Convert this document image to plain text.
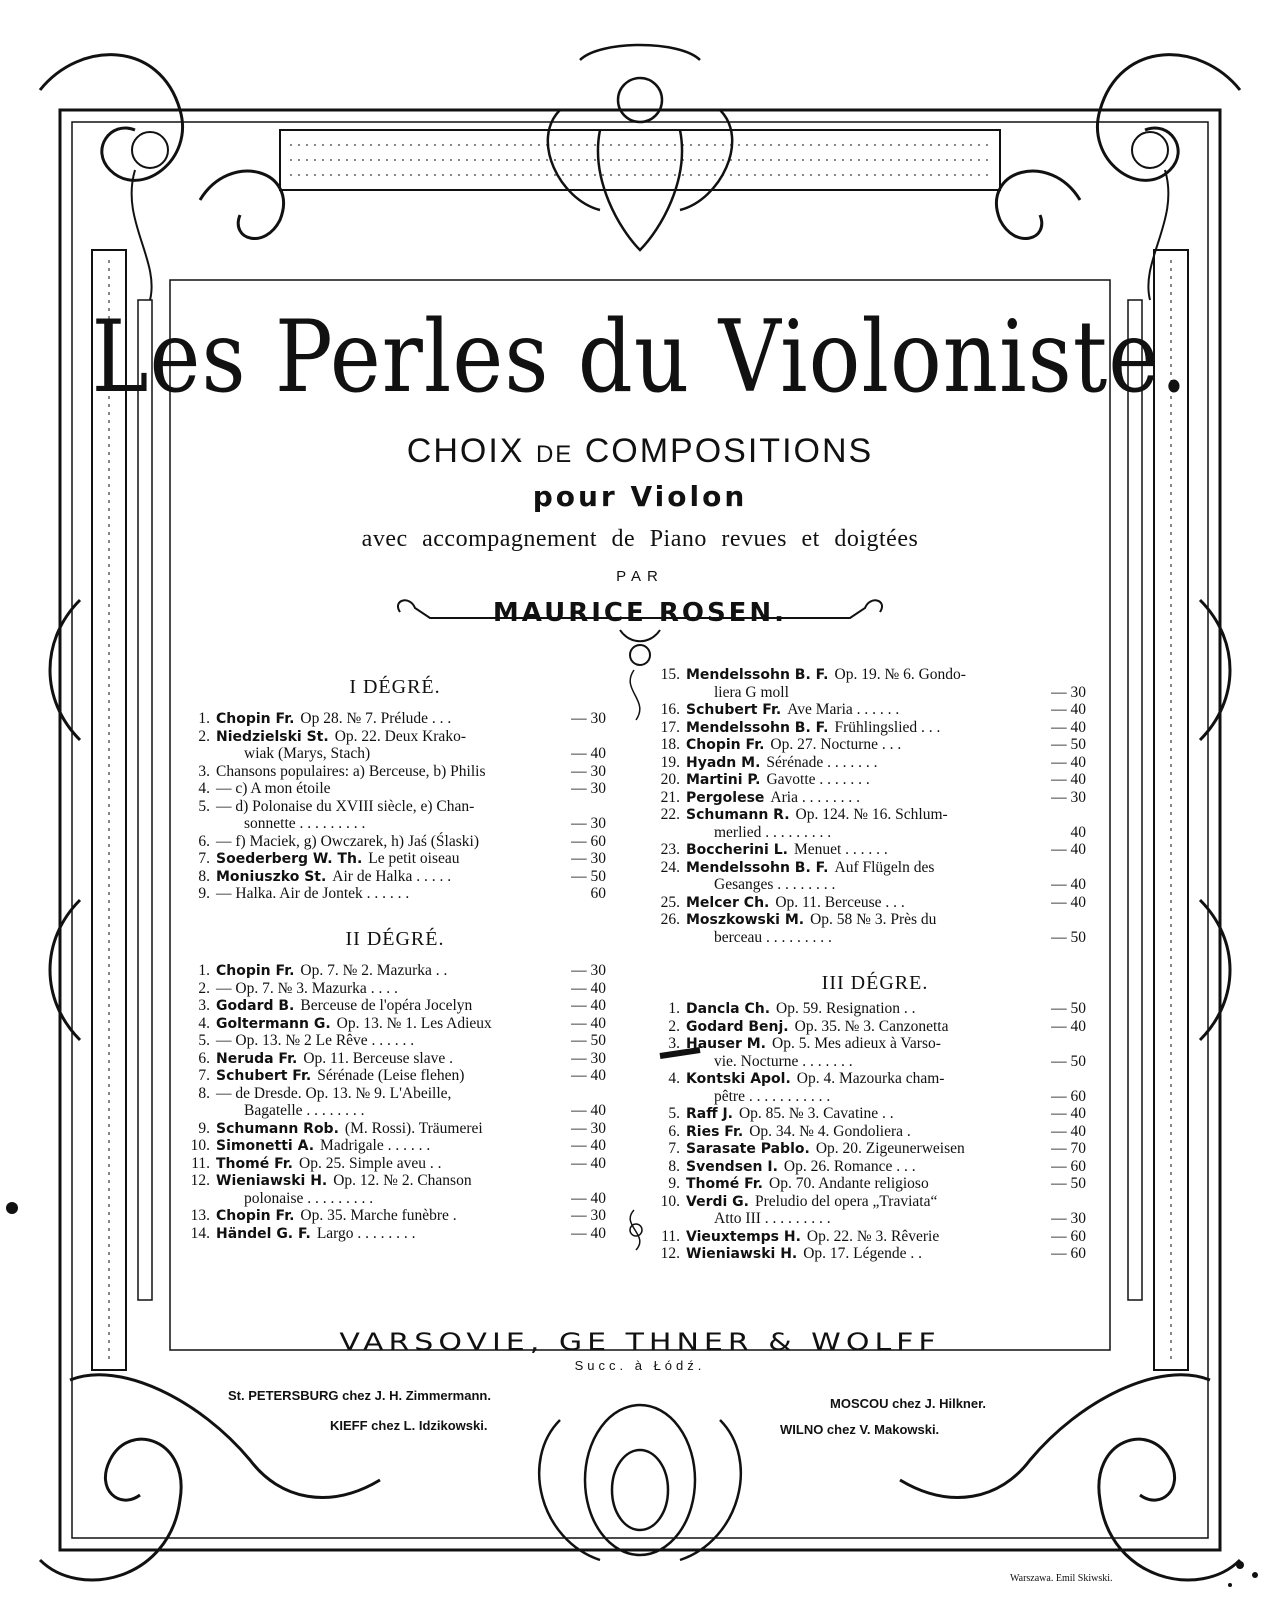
Les Perles du Violoniste.
CHOIX DE COMPOSITIONS
pour Violon
avec accompagnement de Piano revues et doigtées
PAR
MAURICE ROSEN.
I DÉGRÉ.
II DÉGRÉ.
III DÉGRE.
1. Chopin Fr. Op 28. № 7. Prélude . . .	— 30
2. Niedzielski St. Op. 22. Deux Krako-
wiak (Marys, Stach)	— 40
3. Chansons populaires: a) Berceuse, b) Philis	— 30
4. — c) A mon étoile	— 30
5. — d) Polonaise du XVIII siècle, e) Chan-
sonnette . . . . . . . . .	— 30
6. — f) Maciek, g) Owczarek, h) Jaś (Ślaski)	— 60
7. Soederberg W. Th. Le petit oiseau	— 30
8. Moniuszko St. Air de Halka . . . . .	— 50
9. — Halka. Air de Jontek . . . . . .	60
1. Chopin Fr. Op. 7. № 2. Mazurka . .	— 30
2. — Op. 7. № 3. Mazurka . . . .	— 40
3. Godard B. Berceuse de l'opéra Jocelyn	— 40
4. Goltermann G. Op. 13. № 1. Les Adieux	— 40
5. — Op. 13. № 2 Le Rêve . . . . . .	— 50
6. Neruda Fr. Op. 11. Berceuse slave .	— 30
7. Schubert Fr. Sérénade (Leise flehen)	— 40
8. — de Dresde. Op. 13. № 9. L'Abeille,
Bagatelle . . . . . . . .	— 40
9. Schumann Rob. (M. Rossi). Träumerei	— 30
10. Simonetti A. Madrigale . . . . . .	— 40
11. Thomé Fr. Op. 25. Simple aveu . .	— 40
12. Wieniawski H. Op. 12. № 2. Chanson
polonaise . . . . . . . . .	— 40
13. Chopin Fr. Op. 35. Marche funèbre .	— 30
14. Händel G. F. Largo . . . . . . . .	— 40
15. Mendelssohn B. F. Op. 19. № 6. Gondo-
liera G moll	— 30
16. Schubert Fr. Ave Maria . . . . . .	— 40
17. Mendelssohn B. F. Frühlingslied . . .	— 40
18. Chopin Fr. Op. 27. Nocturne . . .	— 50
19. Hyadn M. Sérénade . . . . . . .	— 40
20. Martini P. Gavotte . . . . . . .	— 40
21. Pergolese Aria . . . . . . . .	— 30
22. Schumann R. Op. 124. № 16. Schlum-
merlied . . . . . . . . .	40
23. Boccherini L. Menuet . . . . . .	— 40
24. Mendelssohn B. F. Auf Flügeln des
Gesanges . . . . . . . .	— 40
25. Melcer Ch. Op. 11. Berceuse . . .	— 40
26. Moszkowski M. Op. 58 № 3. Près du
berceau . . . . . . . . .	— 50
1. Dancla Ch. Op. 59. Resignation . .	— 50
2. Godard Benj. Op. 35. № 3. Canzonetta	— 40
3. Hauser M. Op. 5. Mes adieux à Varso-
vie. Nocturne . . . . . . .	— 50
4. Kontski Apol. Op. 4. Mazourka cham-
pêtre . . . . . . . . . . .	— 60
5. Raff J. Op. 85. № 3. Cavatine . .	— 40
6. Ries Fr. Op. 34. № 4. Gondoliera .	— 40
7. Sarasate Pablo. Op. 20. Zigeunerweisen	— 70
8. Svendsen I. Op. 26. Romance . . .	— 60
9. Thomé Fr. Op. 70. Andante religioso	— 50
10. Verdi G. Preludio del opera „Traviata“
Atto III . . . . . . . . .	— 30
11. Vieuxtemps H. Op. 22. № 3. Rêverie	— 60
12. Wieniawski H. Op. 17. Légende . .	— 60
VARSOVIE, GE THNER & WOLFF
Succ. à Łódź.
St. PETERSBURG chez J. H. Zimmermann.
KIEFF chez L. Idzikowski.
MOSCOU chez J. Hilkner.
WILNO chez V. Makowski.
Warszawa. Emil Skiwski.
